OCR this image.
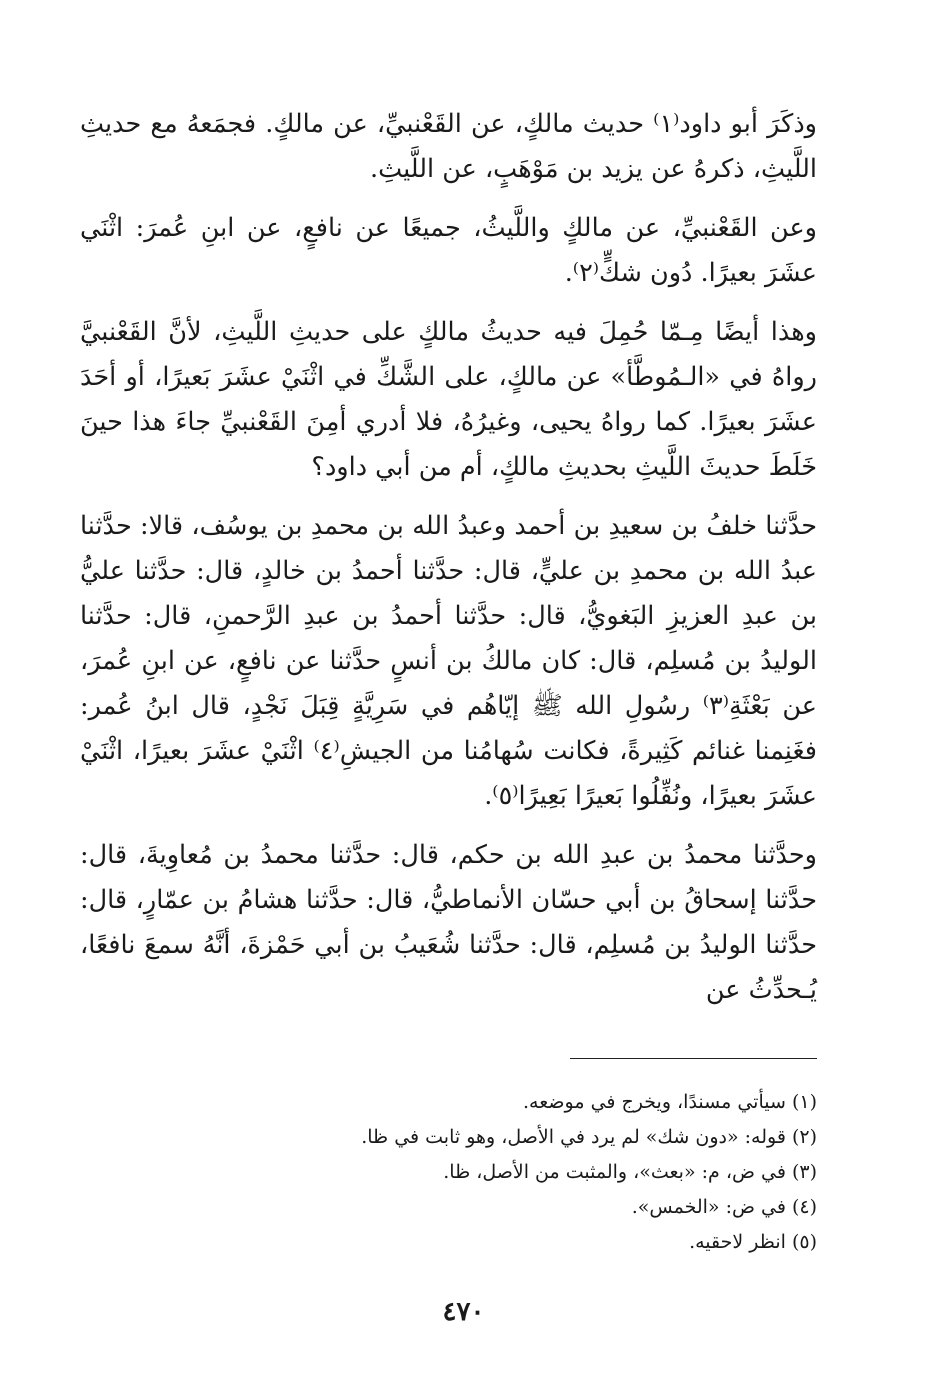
وذكَرَ أبو داود⁽١⁾ حديث مالكٍ، عن القَعْنبيِّ، عن مالكٍ. فجمَعهُ مع حديثِ اللَّيثِ، ذكرهُ عن يزيد بن مَوْهَبٍ، عن اللَّيثِ.

وعن القَعْنبيِّ، عن مالكٍ واللَّيثُ، جميعًا عن نافعٍ، عن ابنِ عُمرَ: اثْنَي عشَرَ بعيرًا. دُون شكٍّ⁽٢⁾.

وهذا أيضًا مِـمّا حُمِلَ فيه حديثُ مالكٍ على حديثِ اللَّيثِ، لأنَّ القَعْنبيَّ رواهُ في «الـمُوطَّأ» عن مالكٍ، على الشَّكِّ في اثْنَيْ عشَرَ بَعيرًا، أو أحَدَ عشَرَ بعيرًا. كما رواهُ يحيى، وغيرُهُ، فلا أدري أمِنَ القَعْنبيِّ جاءَ هذا حينَ خَلَطَ حديثَ اللَّيثِ بحديثِ مالكٍ، أم من أبي داود؟

حدَّثنا خلفُ بن سعيدِ بن أحمد وعبدُ الله بن محمدِ بن يوسُف، قالا: حدَّثنا عبدُ الله بن محمدِ بن عليٍّ، قال: حدَّثنا أحمدُ بن خالدٍ، قال: حدَّثنا عليُّ بن عبدِ العزيزِ البَغويُّ، قال: حدَّثنا أحمدُ بن عبدِ الرَّحمنِ، قال: حدَّثنا الوليدُ بن مُسلِم، قال: كان مالكُ بن أنسٍ حدَّثنا عن نافعٍ، عن ابنِ عُمرَ، عن بَعْثَةِ⁽٣⁾ رسُولِ الله ﷺ إيّاهُم في سَرِيَّةٍ قِبَلَ نَجْدٍ، قال ابنُ عُمر: فغَنِمنا غنائم كَثِيرةً، فكانت سُهامُنا من الجيشِ⁽٤⁾ اثْنَيْ عشَرَ بعيرًا، اثْنَيْ عشَرَ بعيرًا، ونُفِّلُوا بَعيرًا بَعِيرًا⁽٥⁾.

وحدَّثنا محمدُ بن عبدِ الله بن حكم، قال: حدَّثنا محمدُ بن مُعاوِيةَ، قال: حدَّثنا إسحاقُ بن أبي حسّان الأنماطيُّ، قال: حدَّثنا هشامُ بن عمّارٍ، قال: حدَّثنا الوليدُ بن مُسلِم، قال: حدَّثنا شُعَيبُ بن أبي حَمْزةَ، أنَّهُ سمعَ نافعًا، يُـحدِّثُ عن

(١) سيأتي مسندًا، ويخرج في موضعه.
(٢) قوله: «دون شك» لم يرد في الأصل، وهو ثابت في ظا.
(٣) في ض، م: «بعث»، والمثبت من الأصل، ظا.
(٤) في ض: «الخمس».
(٥) انظر لاحقيه.
٤٧٠
